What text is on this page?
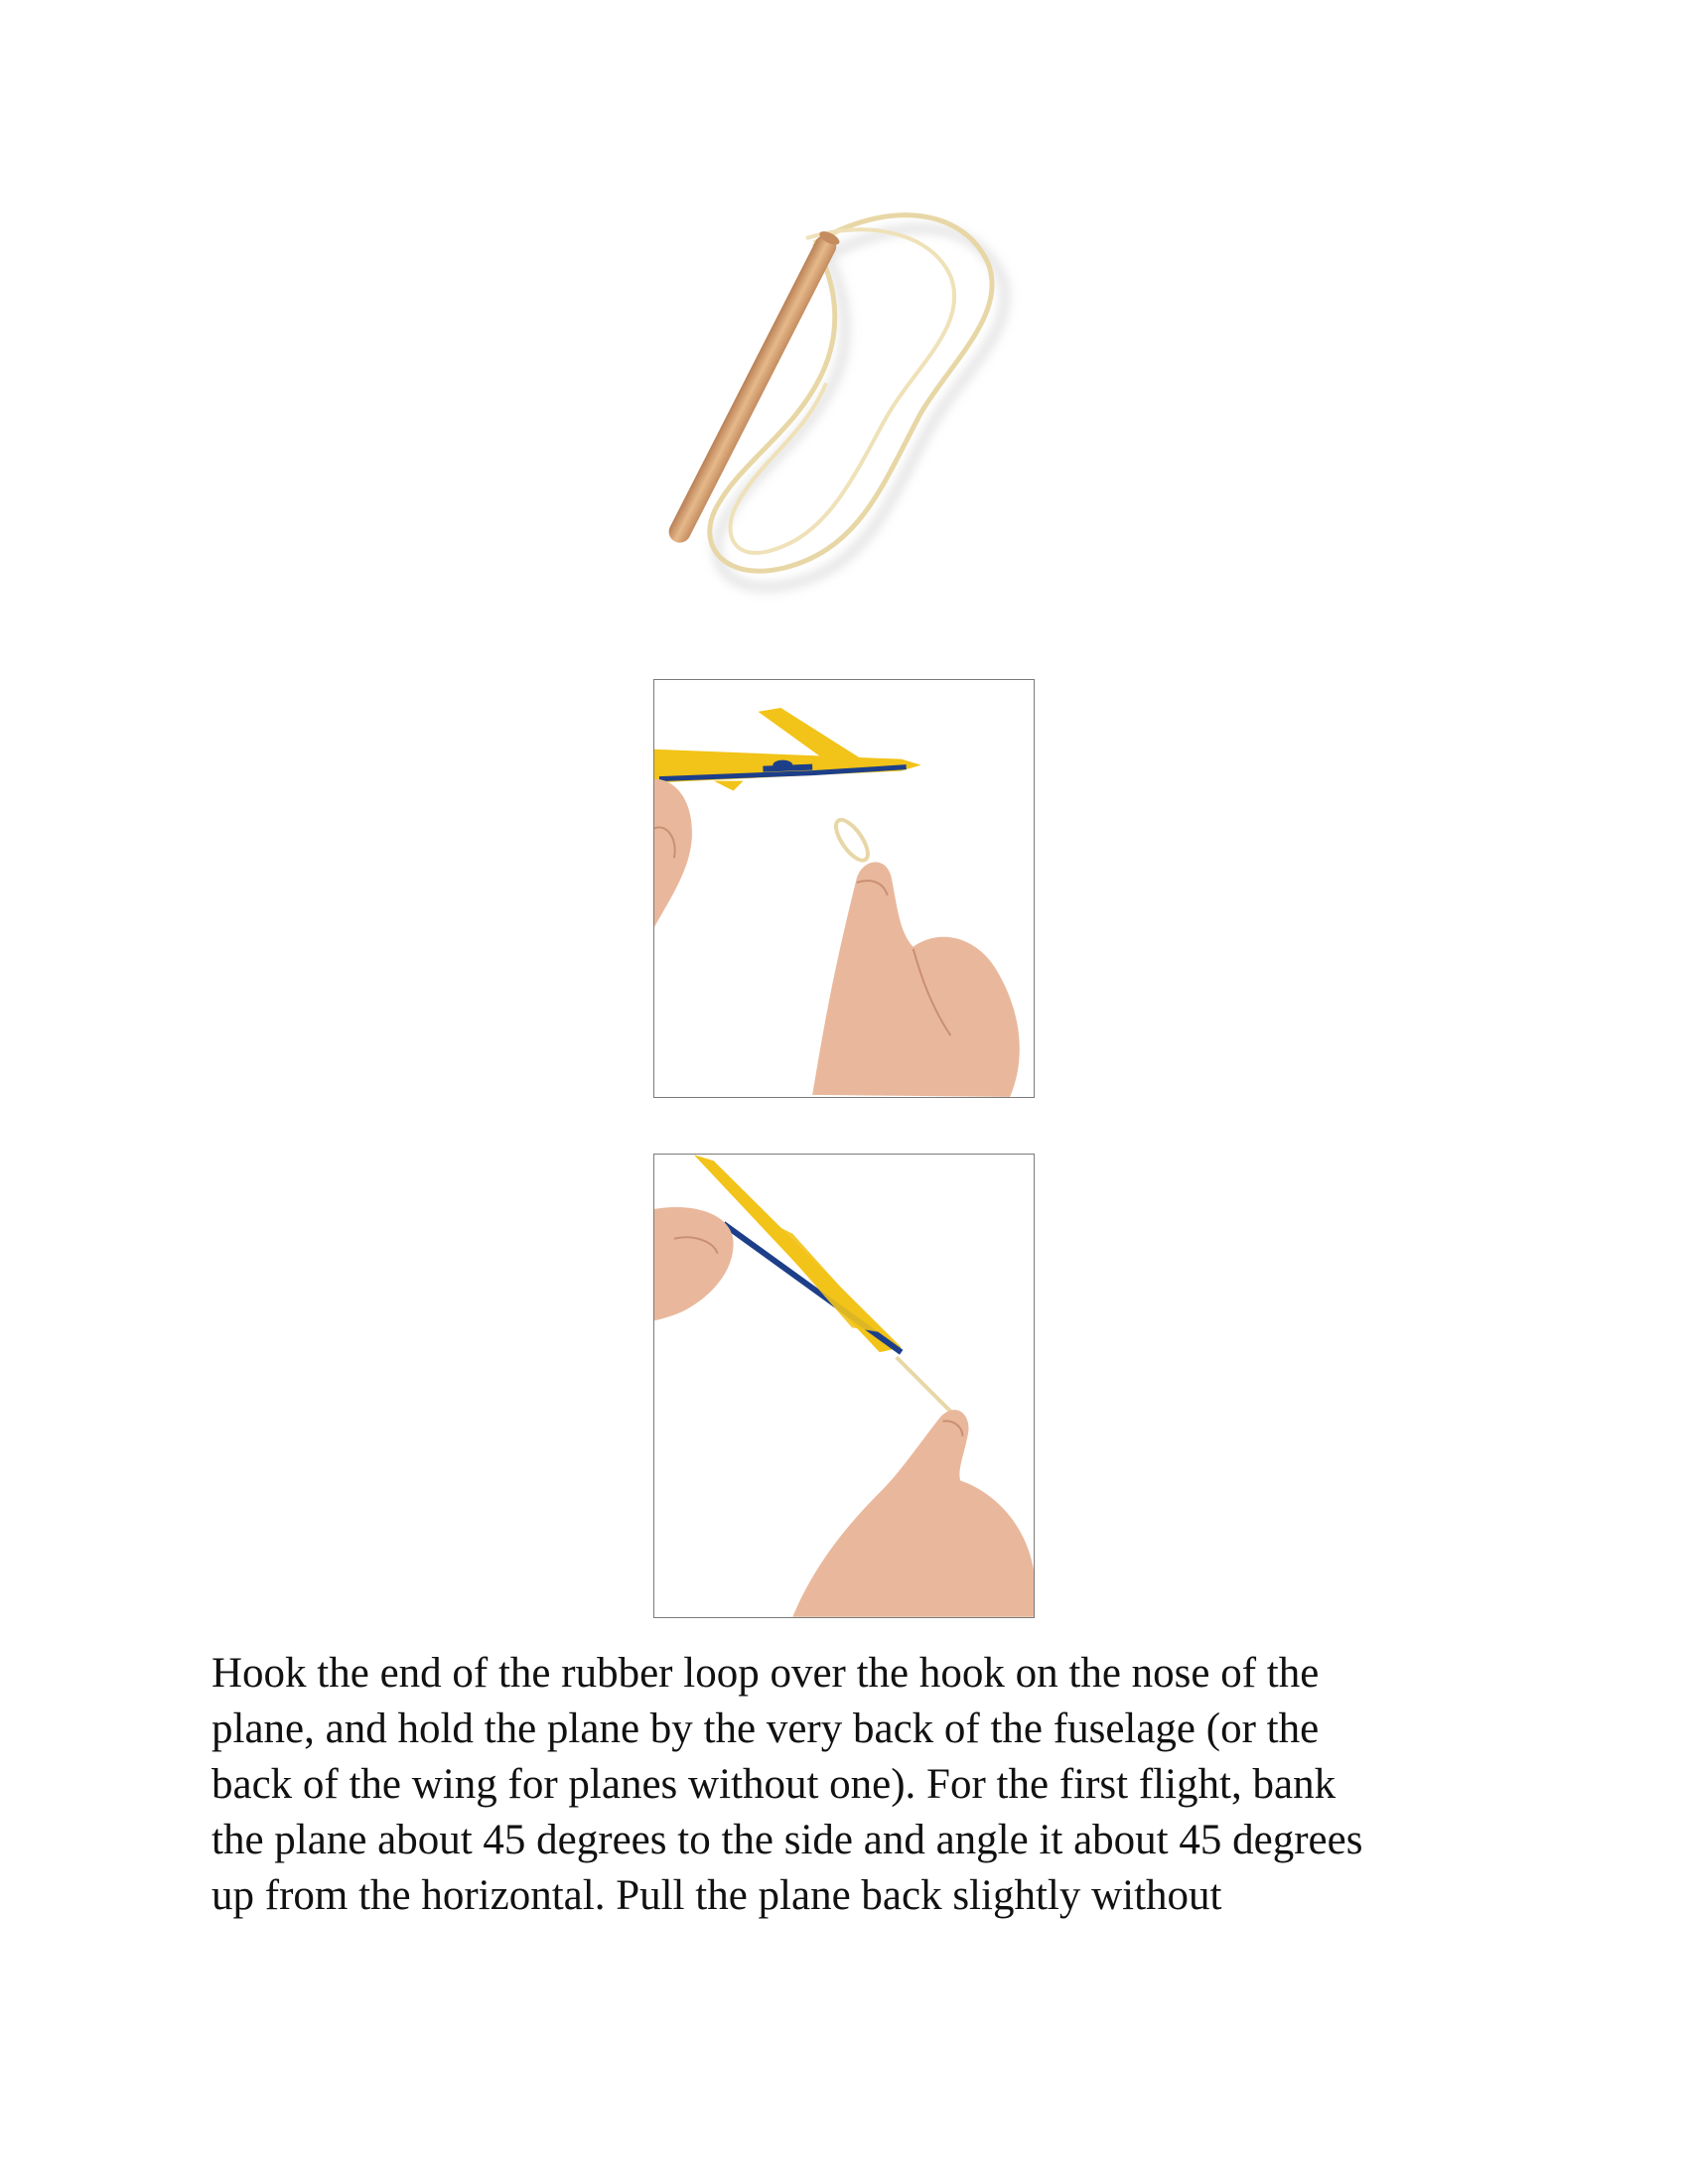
Hook the end of the rubber loop over the hook on the nose of the
plane, and hold the plane by the very back of the fuselage (or the
back of the wing for planes without one). For the first flight, bank
the plane about 45 degrees to the side and angle it about 45 degrees
up from the horizontal. Pull the plane back slightly without
